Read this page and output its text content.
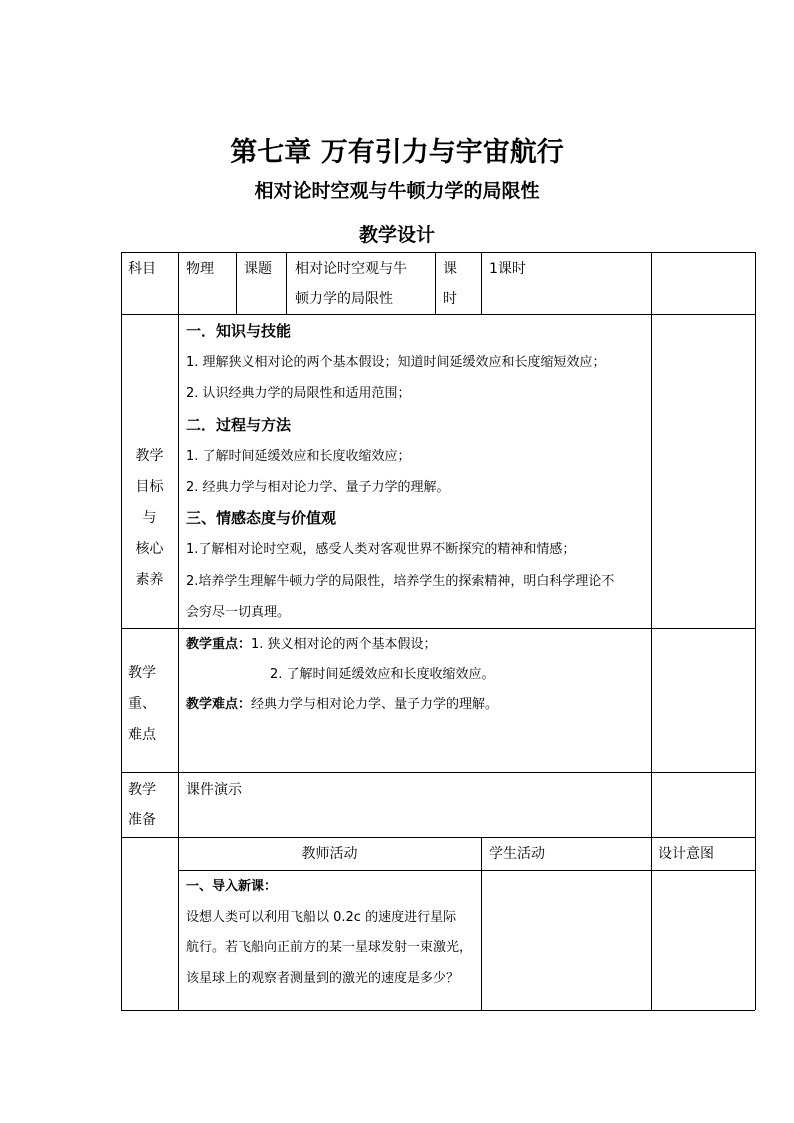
第七章 万有引力与宇宙航行
相对论时空观与牛顿力学的局限性
教学设计
科目 物理 课题 相对论时空观与牛
顿力学的局限性
课
时
1课时
教学
目标
与
核心
素养
一．知识与技能
1. 理解狭义相对论的两个基本假设；知道时间延缓效应和长度缩短效应；
2. 认识经典力学的局限性和适用范围；
二．过程与方法
1. 了解时间延缓效应和长度收缩效应；
2. 经典力学与相对论力学、量子力学的理解。
三、情感态度与价值观
1.了解相对论时空观，感受人类对客观世界不断探究的精神和情感；
2.培养学生理解牛顿力学的局限性，培养学生的探索精神，明白科学理论不
会穷尽一切真理。
教学
重、
难点
教学重点：1. 狭义相对论的两个基本假设；
2. 了解时间延缓效应和长度收缩效应。
教学难点：经典力学与相对论力学、量子力学的理解。
教学
准备
课件演示
教师活动	学生活动	设计意图
一、导入新课：
设想人类可以利用飞船以 0.2c 的速度进行星际
航行。若飞船向正前方的某一星球发射一束激光，
该星球上的观察者测量到的激光的速度是多少？
